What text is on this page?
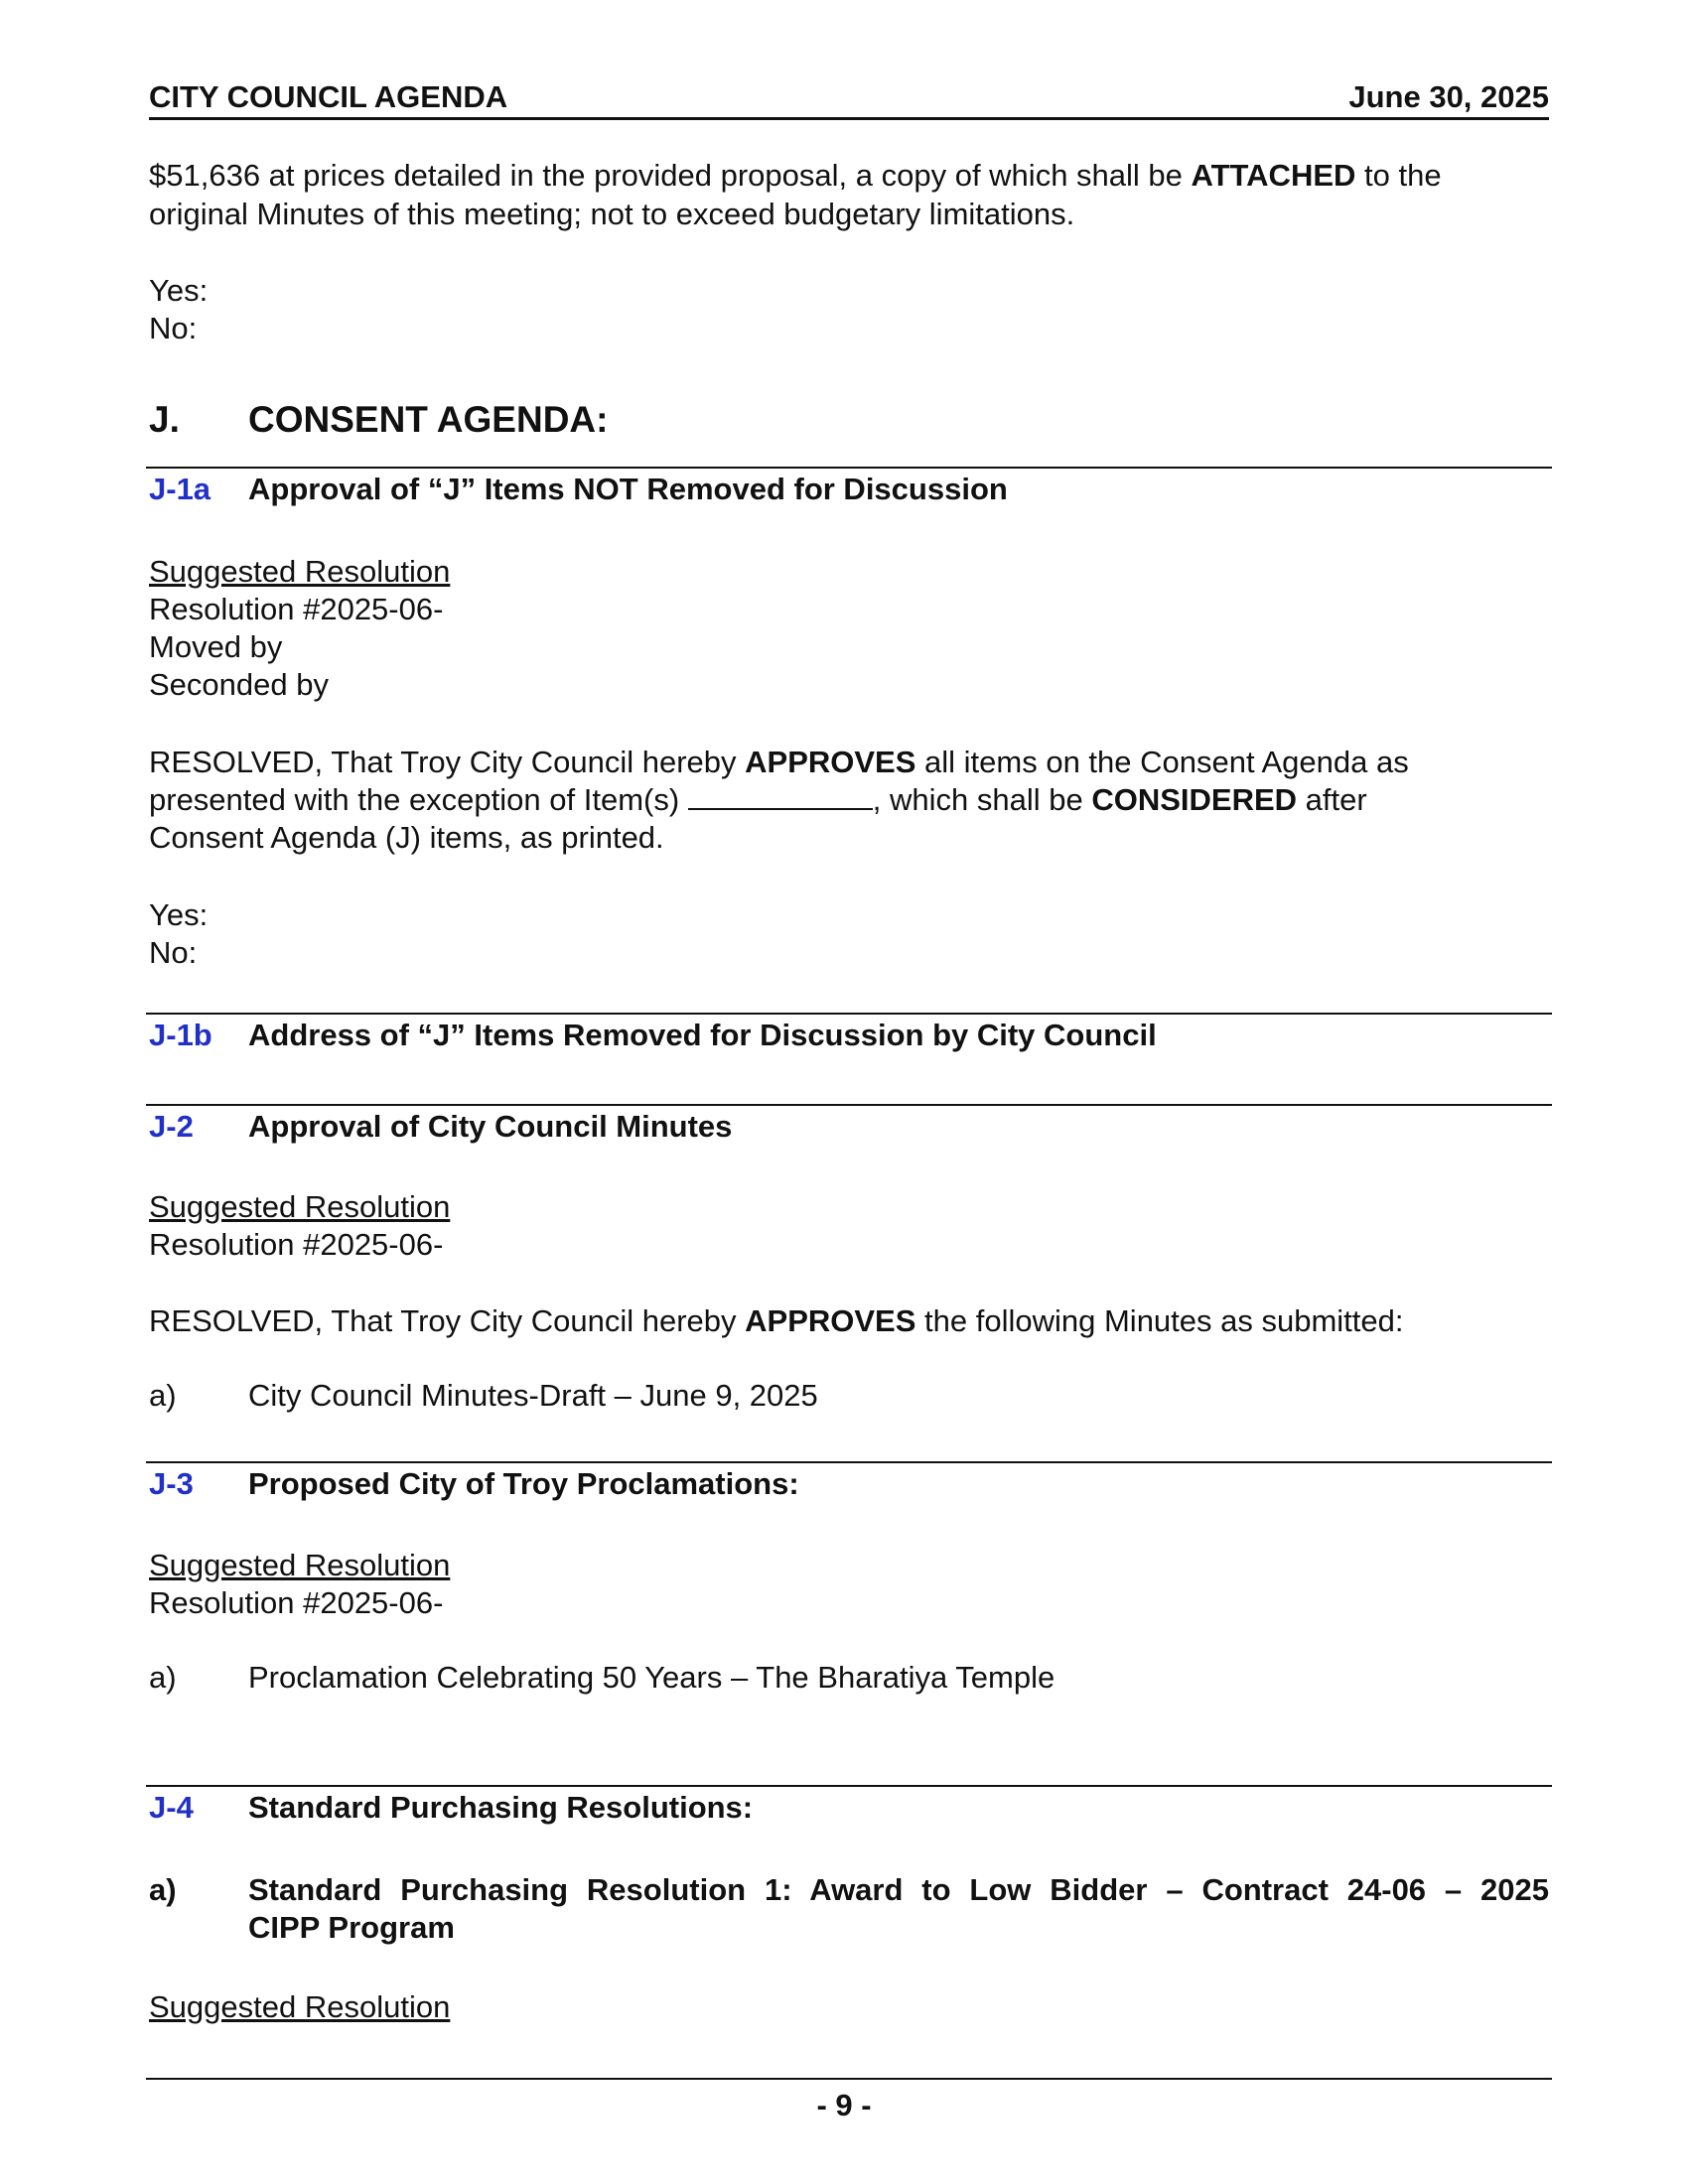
CITY COUNCIL AGENDA	June 30, 2025
$51,636 at prices detailed in the provided proposal, a copy of which shall be ATTACHED to the
original Minutes of this meeting; not to exceed budgetary limitations.
Yes:
No:
J. CONSENT AGENDA:
J-1a Approval of “J” Items NOT Removed for Discussion
Suggested Resolution
Resolution #2025-06-
Moved by
Seconded by
RESOLVED, That Troy City Council hereby APPROVES all items on the Consent Agenda as
presented with the exception of Item(s)	, which shall be CONSIDERED after
Consent Agenda (J) items, as printed.
Yes:
No:
J-1b Address of “J” Items Removed for Discussion by City Council
J-2 Approval of City Council Minutes
Suggested Resolution
Resolution #2025-06-
RESOLVED, That Troy City Council hereby APPROVES the following Minutes as submitted:
a) City Council Minutes-Draft – June 9, 2025
J-3 Proposed City of Troy Proclamations:
Suggested Resolution
Resolution #2025-06-
a) Proclamation Celebrating 50 Years – The Bharatiya Temple
J-4 Standard Purchasing Resolutions:
a) Standard Purchasing Resolution 1: Award to Low Bidder – Contract 24-06 – 2025
CIPP Program
Suggested Resolution
- 9 -
